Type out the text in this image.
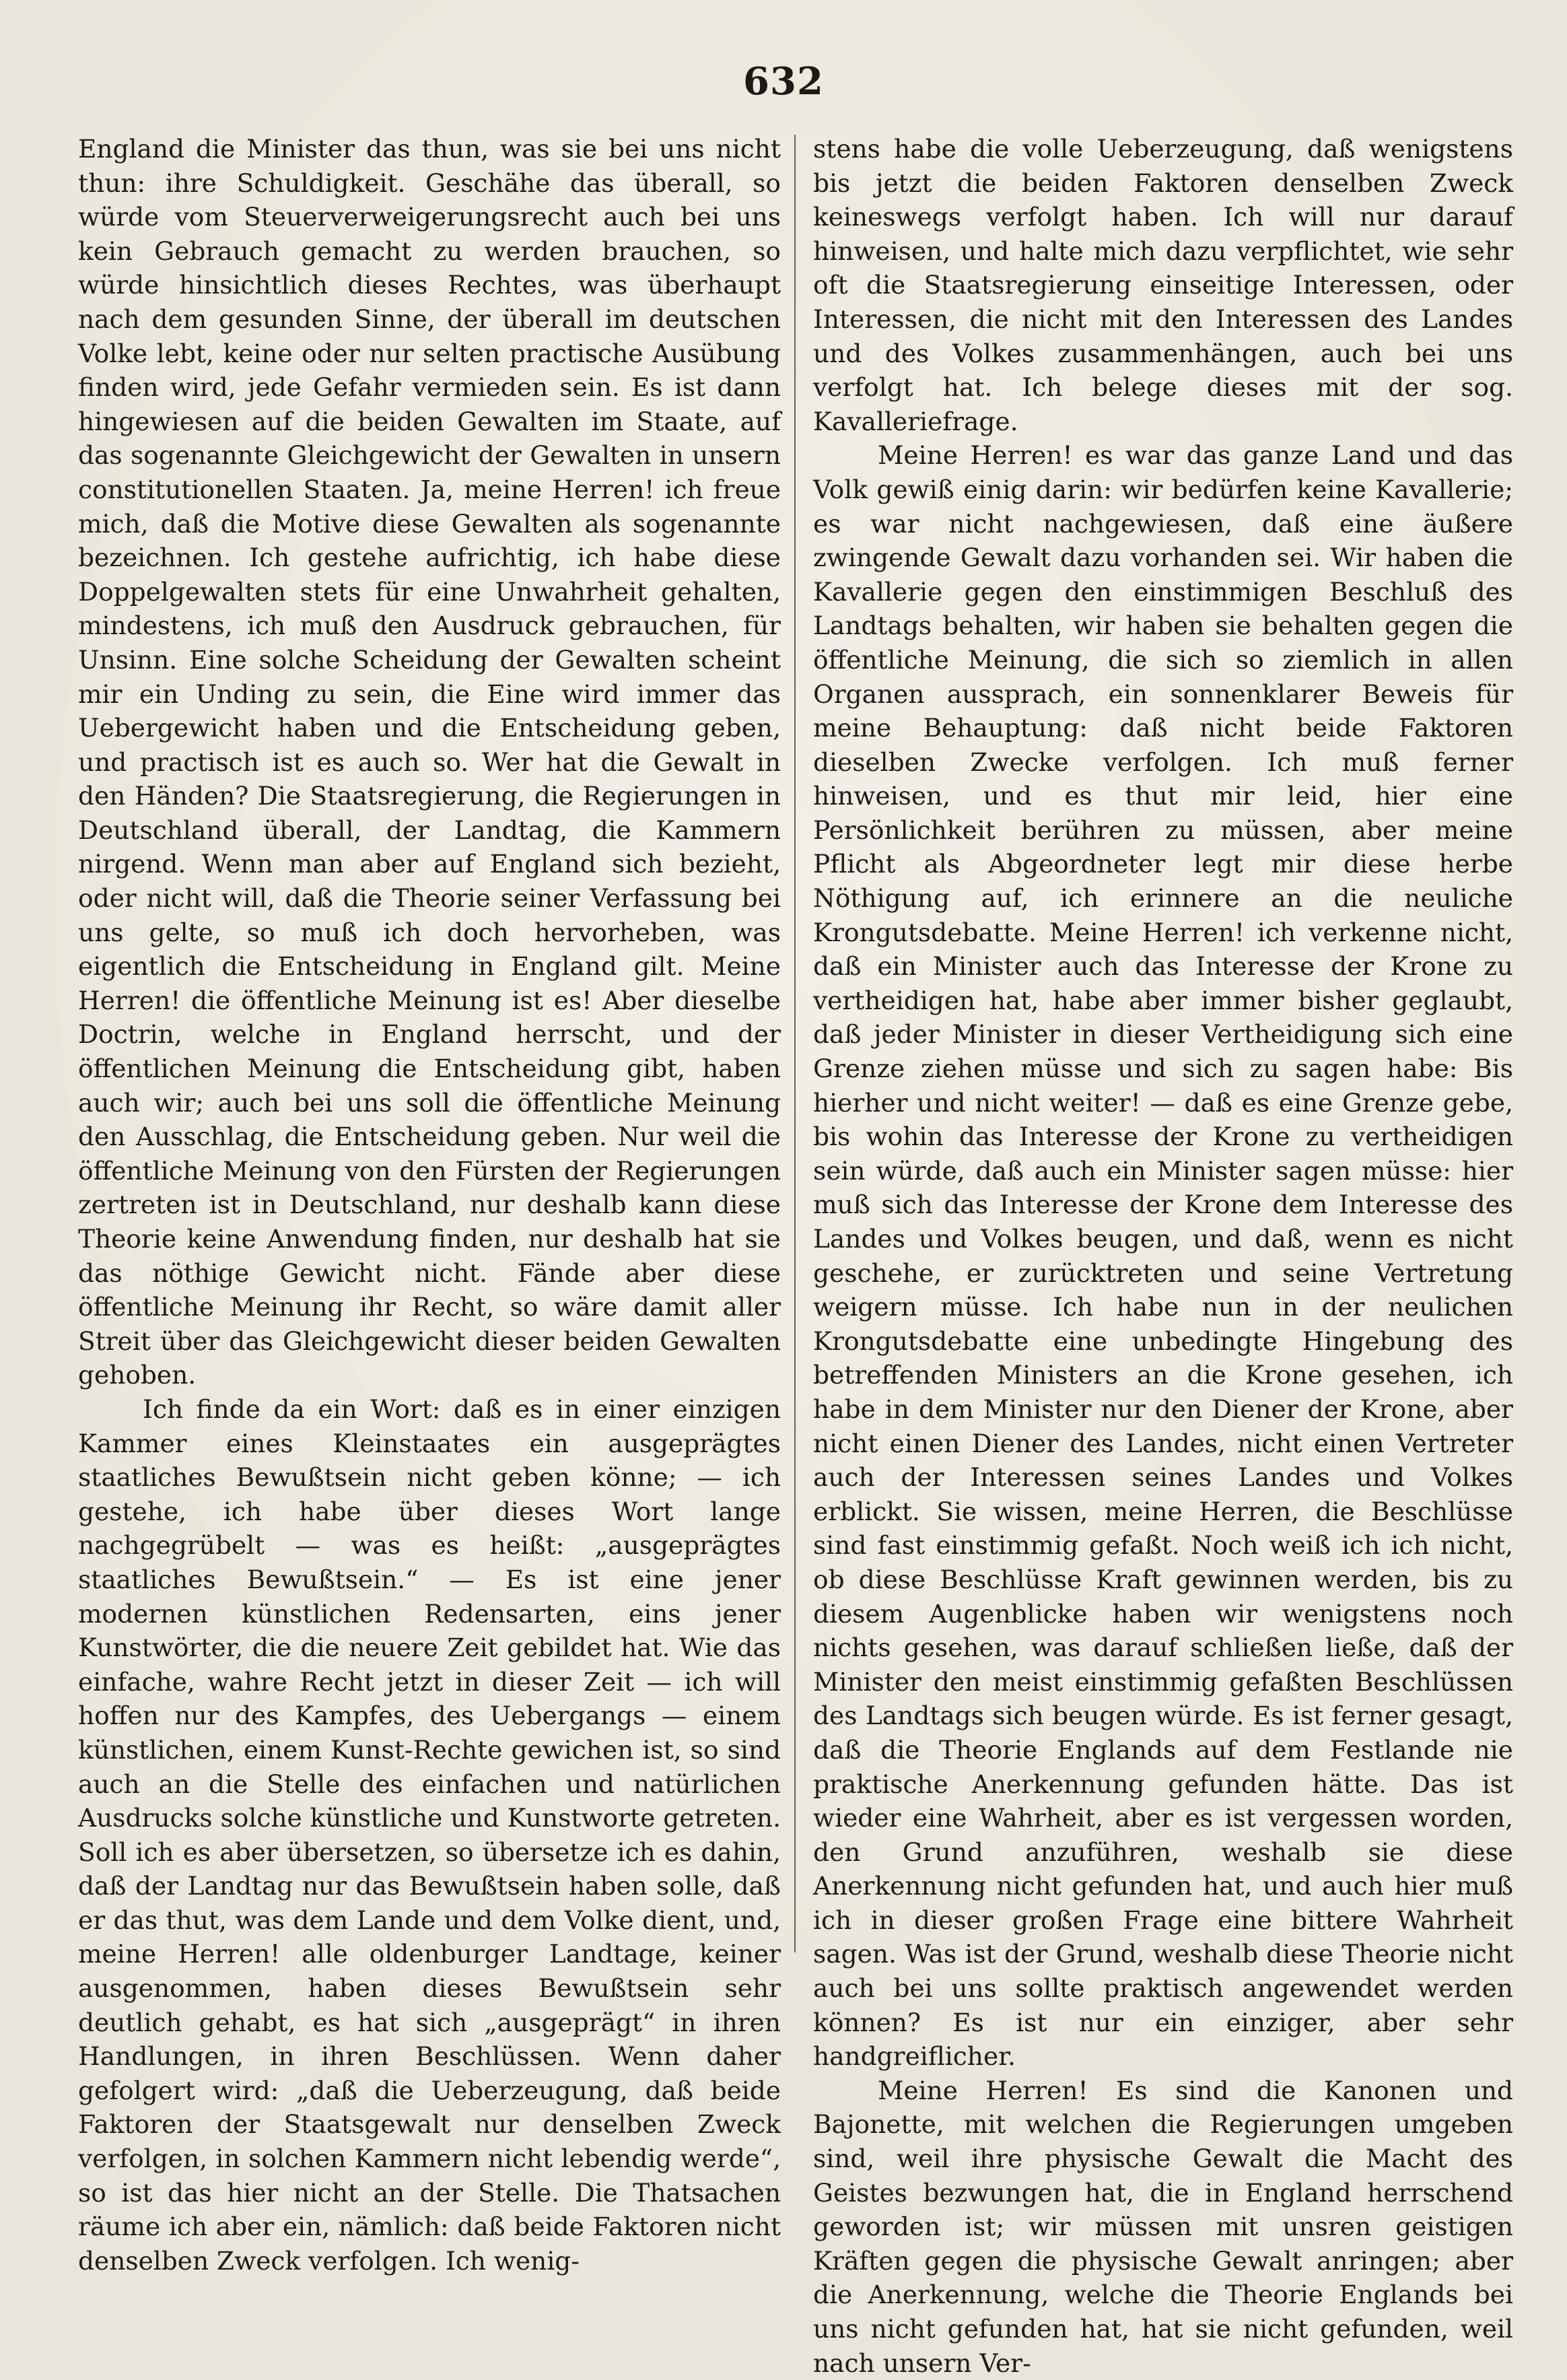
632

England die Minister das thun, was sie bei uns nicht thun: ihre Schuldigkeit. Geschähe das überall, so würde vom Steuerverweigerungsrecht auch bei uns kein Gebrauch gemacht zu werden brauchen, so würde hinsichtlich dieses Rechtes, was überhaupt nach dem gesunden Sinne, der überall im deutschen Volke lebt, keine oder nur selten practische Ausübung finden wird, jede Gefahr vermieden sein. Es ist dann hingewiesen auf die beiden Gewalten im Staate, auf das sogenannte Gleichgewicht der Gewalten in unsern constitutionellen Staaten. Ja, meine Herren! ich freue mich, daß die Motive diese Gewalten als sogenannte bezeichnen. Ich gestehe aufrichtig, ich habe diese Doppelgewalten stets für eine Unwahrheit gehalten, mindestens, ich muß den Ausdruck gebrauchen, für Unsinn. Eine solche Scheidung der Gewalten scheint mir ein Unding zu sein, die Eine wird immer das Uebergewicht haben und die Entscheidung geben, und practisch ist es auch so. Wer hat die Gewalt in den Händen? Die Staatsregierung, die Regierungen in Deutschland überall, der Landtag, die Kammern nirgend. Wenn man aber auf England sich bezieht, oder nicht will, daß die Theorie seiner Verfassung bei uns gelte, so muß ich doch hervorheben, was eigentlich die Entscheidung in England gilt. Meine Herren! die öffentliche Meinung ist es! Aber dieselbe Doctrin, welche in England herrscht, und der öffentlichen Meinung die Entscheidung gibt, haben auch wir; auch bei uns soll die öffentliche Meinung den Ausschlag, die Entscheidung geben. Nur weil die öffentliche Meinung von den Fürsten der Regierungen zertreten ist in Deutschland, nur deshalb kann diese Theorie keine Anwendung finden, nur deshalb hat sie das nöthige Gewicht nicht. Fände aber diese öffentliche Meinung ihr Recht, so wäre damit aller Streit über das Gleichgewicht dieser beiden Gewalten gehoben.

Ich finde da ein Wort: daß es in einer einzigen Kammer eines Kleinstaates ein ausgeprägtes staatliches Bewußtsein nicht geben könne; — ich gestehe, ich habe über dieses Wort lange nachgegrübelt — was es heißt: „ausgeprägtes staatliches Bewußtsein.“ — Es ist eine jener modernen künstlichen Redensarten, eins jener Kunstwörter, die die neuere Zeit gebildet hat. Wie das einfache, wahre Recht jetzt in dieser Zeit — ich will hoffen nur des Kampfes, des Uebergangs — einem künstlichen, einem Kunst-Rechte gewichen ist, so sind auch an die Stelle des einfachen und natürlichen Ausdrucks solche künstliche und Kunstworte getreten. Soll ich es aber übersetzen, so übersetze ich es dahin, daß der Landtag nur das Bewußtsein haben solle, daß er das thut, was dem Lande und dem Volke dient, und, meine Herren! alle oldenburger Landtage, keiner ausgenommen, haben dieses Bewußtsein sehr deutlich gehabt, es hat sich „ausgeprägt“ in ihren Handlungen, in ihren Beschlüssen. Wenn daher gefolgert wird: „daß die Ueberzeugung, daß beide Faktoren der Staatsgewalt nur denselben Zweck verfolgen, in solchen Kammern nicht lebendig werde“, so ist das hier nicht an der Stelle. Die Thatsachen räume ich aber ein, nämlich: daß beide Faktoren nicht denselben Zweck verfolgen. Ich wenig-

stens habe die volle Ueberzeugung, daß wenigstens bis jetzt die beiden Faktoren denselben Zweck keineswegs verfolgt haben. Ich will nur darauf hinweisen, und halte mich dazu verpflichtet, wie sehr oft die Staatsregierung einseitige Interessen, oder Interessen, die nicht mit den Interessen des Landes und des Volkes zusammenhängen, auch bei uns verfolgt hat. Ich belege dieses mit der sog. Kavalleriefrage.

Meine Herren! es war das ganze Land und das Volk gewiß einig darin: wir bedürfen keine Kavallerie; es war nicht nachgewiesen, daß eine äußere zwingende Gewalt dazu vorhanden sei. Wir haben die Kavallerie gegen den einstimmigen Beschluß des Landtags behalten, wir haben sie behalten gegen die öffentliche Meinung, die sich so ziemlich in allen Organen aussprach, ein sonnenklarer Beweis für meine Behauptung: daß nicht beide Faktoren dieselben Zwecke verfolgen. Ich muß ferner hinweisen, und es thut mir leid, hier eine Persönlichkeit berühren zu müssen, aber meine Pflicht als Abgeordneter legt mir diese herbe Nöthigung auf, ich erinnere an die neuliche Krongutsdebatte. Meine Herren! ich verkenne nicht, daß ein Minister auch das Interesse der Krone zu vertheidigen hat, habe aber immer bisher geglaubt, daß jeder Minister in dieser Vertheidigung sich eine Grenze ziehen müsse und sich zu sagen habe: Bis hierher und nicht weiter! — daß es eine Grenze gebe, bis wohin das Interesse der Krone zu vertheidigen sein würde, daß auch ein Minister sagen müsse: hier muß sich das Interesse der Krone dem Interesse des Landes und Volkes beugen, und daß, wenn es nicht geschehe, er zurücktreten und seine Vertretung weigern müsse. Ich habe nun in der neulichen Krongutsdebatte eine unbedingte Hingebung des betreffenden Ministers an die Krone gesehen, ich habe in dem Minister nur den Diener der Krone, aber nicht einen Diener des Landes, nicht einen Vertreter auch der Interessen seines Landes und Volkes erblickt. Sie wissen, meine Herren, die Beschlüsse sind fast einstimmig gefaßt. Noch weiß ich ich nicht, ob diese Beschlüsse Kraft gewinnen werden, bis zu diesem Augenblicke haben wir wenigstens noch nichts gesehen, was darauf schließen ließe, daß der Minister den meist einstimmig gefaßten Beschlüssen des Landtags sich beugen würde. Es ist ferner gesagt, daß die Theorie Englands auf dem Festlande nie praktische Anerkennung gefunden hätte. Das ist wieder eine Wahrheit, aber es ist vergessen worden, den Grund anzuführen, weshalb sie diese Anerkennung nicht gefunden hat, und auch hier muß ich in dieser großen Frage eine bittere Wahrheit sagen. Was ist der Grund, weshalb diese Theorie nicht auch bei uns sollte praktisch angewendet werden können? Es ist nur ein einziger, aber sehr handgreiflicher.

Meine Herren! Es sind die Kanonen und Bajonette, mit welchen die Regierungen umgeben sind, weil ihre physische Gewalt die Macht des Geistes bezwungen hat, die in England herrschend geworden ist; wir müssen mit unsren geistigen Kräften gegen die physische Gewalt anringen; aber die Anerkennung, welche die Theorie Englands bei uns nicht gefunden hat, hat sie nicht gefunden, weil nach unsern Ver-
